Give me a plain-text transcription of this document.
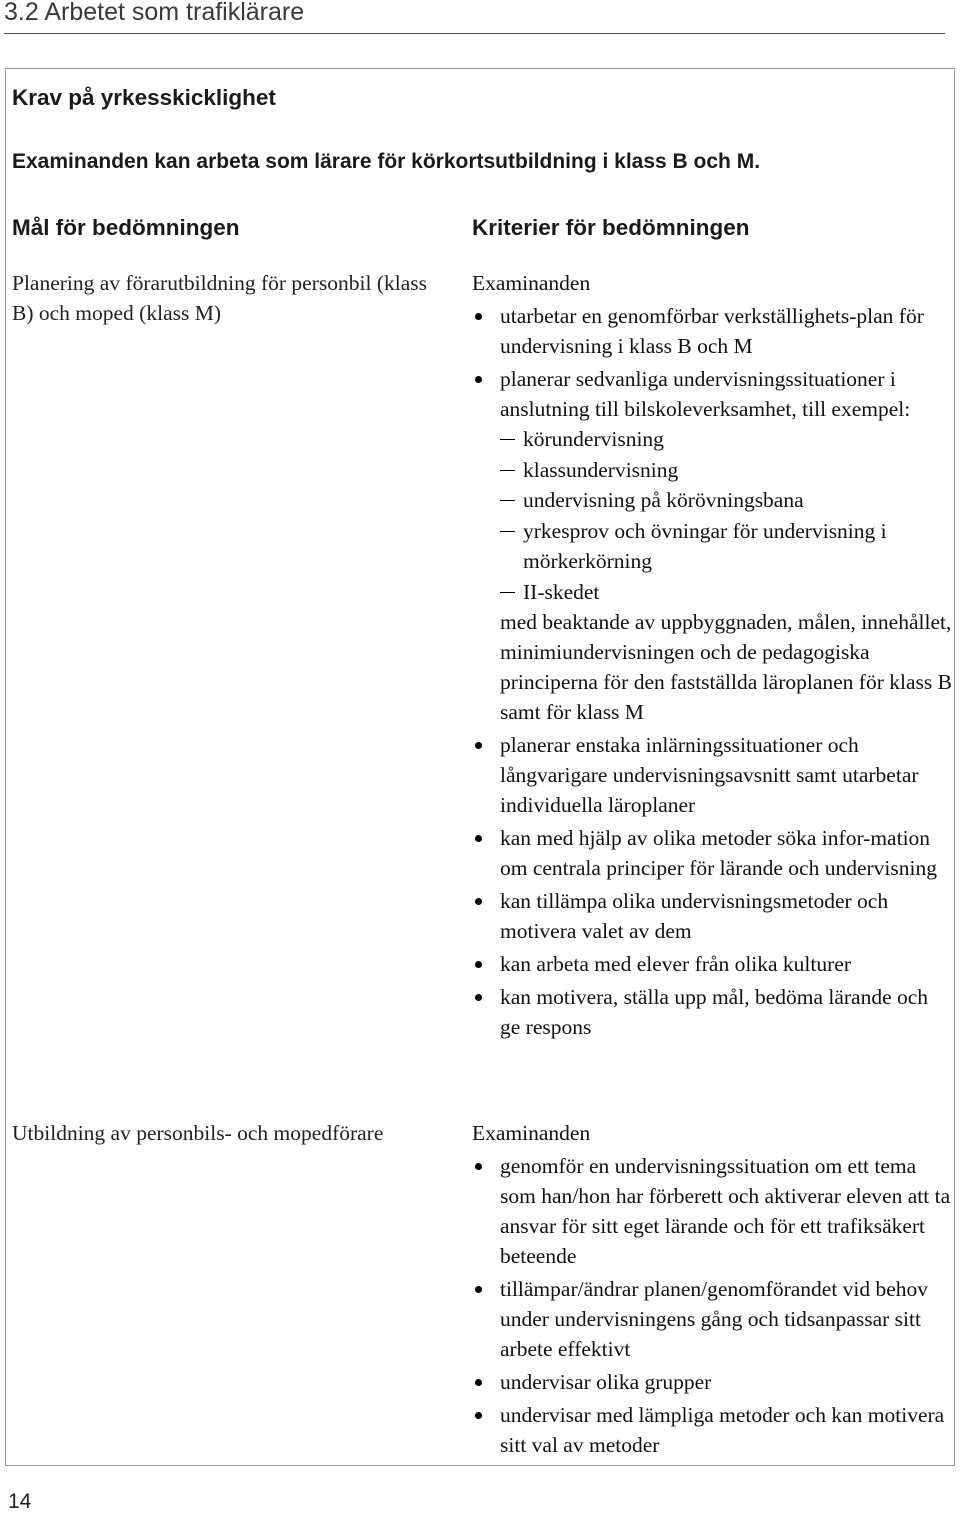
3.2 Arbetet som trafiklärare
Krav på yrkesskicklighet
Examinanden kan arbeta som lärare för körkortsutbildning i klass B och M.
Mål för bedömningen	Kriterier för bedömningen
Planering av förarutbildning för personbil (klass B) och moped (klass M)
Examinanden
utarbetar en genomförbar verkställighets-plan för undervisning i klass B och M
planerar sedvanliga undervisningssituationer i anslutning till bilskoleverksamhet, till exempel:
körundervisning
klassundervisning
undervisning på körövningsbana
yrkesprov och övningar för undervisning i mörkerkörning
II-skedet
med beaktande av uppbyggnaden, målen, innehållet, minimiundervisningen och de pedagogiska principerna för den fastställda läroplanen för klass B samt för klass M
planerar enstaka inlärningssituationer och långvarigare undervisningsavsnitt samt utarbetar individuella läroplaner
kan med hjälp av olika metoder söka infor-mation om centrala principer för lärande och undervisning
kan tillämpa olika undervisningsmetoder och motivera valet av dem
kan arbeta med elever från olika kulturer
kan motivera, ställa upp mål, bedöma lärande och ge respons
Utbildning av personbils- och mopedförare	Examinanden
genomför en undervisningssituation om ett tema som han/hon har förberett och aktiverar eleven att ta ansvar för sitt eget lärande och för ett trafiksäkert beteende
tillämpar/ändrar planen/genomförandet vid behov under undervisningens gång och tidsanpassar sitt arbete effektivt
undervisar olika grupper
undervisar med lämpliga metoder och kan motivera sitt val av metoder
14
